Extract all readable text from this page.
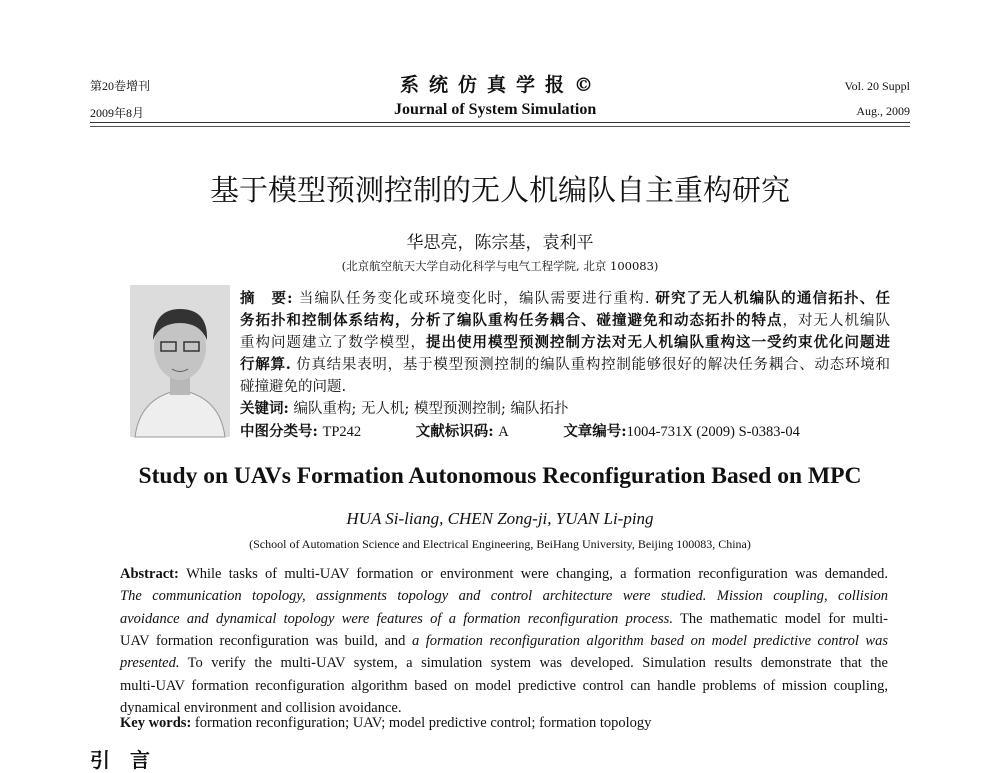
第20卷增刊
2009年8月
系统仿真学报©
Journal of System Simulation
Vol. 20 Suppl
Aug., 2009
基于模型预测控制的无人机编队自主重构研究
华思亮，陈宗基，袁利平
(北京航空航天大学自动化科学与电气工程学院, 北京 100083)
摘　要: 当编队任务变化或环境变化时，编队需要进行重构. 研究了无人机编队的通信拓扑、任
务拓扑和控制体系结构，分析了编队重构任务耦合、碰撞避免和动态拓扑的特点，对无人机编队
重构问题建立了数学模型，提出使用模型预测控制方法对无人机编队重构这一受约束优化问题进
行解算. 仿真结果表明，基于模型预测控制的编队重构控制能够很好的解决任务耦合、动态环境和
碰撞避免的问题.
关键词: 编队重构; 无人机; 模型预测控制; 编队拓扑
中图分类号: TP242	文献标识码: A	文章编号:1004-731X (2009) S-0383-04
Study on UAVs Formation Autonomous Reconfiguration Based on MPC
HUA Si-liang, CHEN Zong-ji, YUAN Li-ping
(School of Automation Science and Electrical Engineering, BeiHang University, Beijing 100083, China)
Abstract: While tasks of multi-UAV formation or environment were changing, a formation reconfiguration was demanded.
The communication topology, assignments topology and control architecture were studied. Mission coupling, collision
avoidance and dynamical topology were features of a formation reconfiguration process. The mathematic model for multi-
UAV formation reconfiguration was build, and a formation reconfiguration algorithm based on model predictive control was
presented. To verify the multi-UAV system, a simulation system was developed. Simulation results demonstrate that the
multi-UAV formation reconfiguration algorithm based on model predictive control can handle problems of mission coupling,
dynamical environment and collision avoidance.
Key words: formation reconfiguration; UAV; model predictive control; formation topology
引　言
